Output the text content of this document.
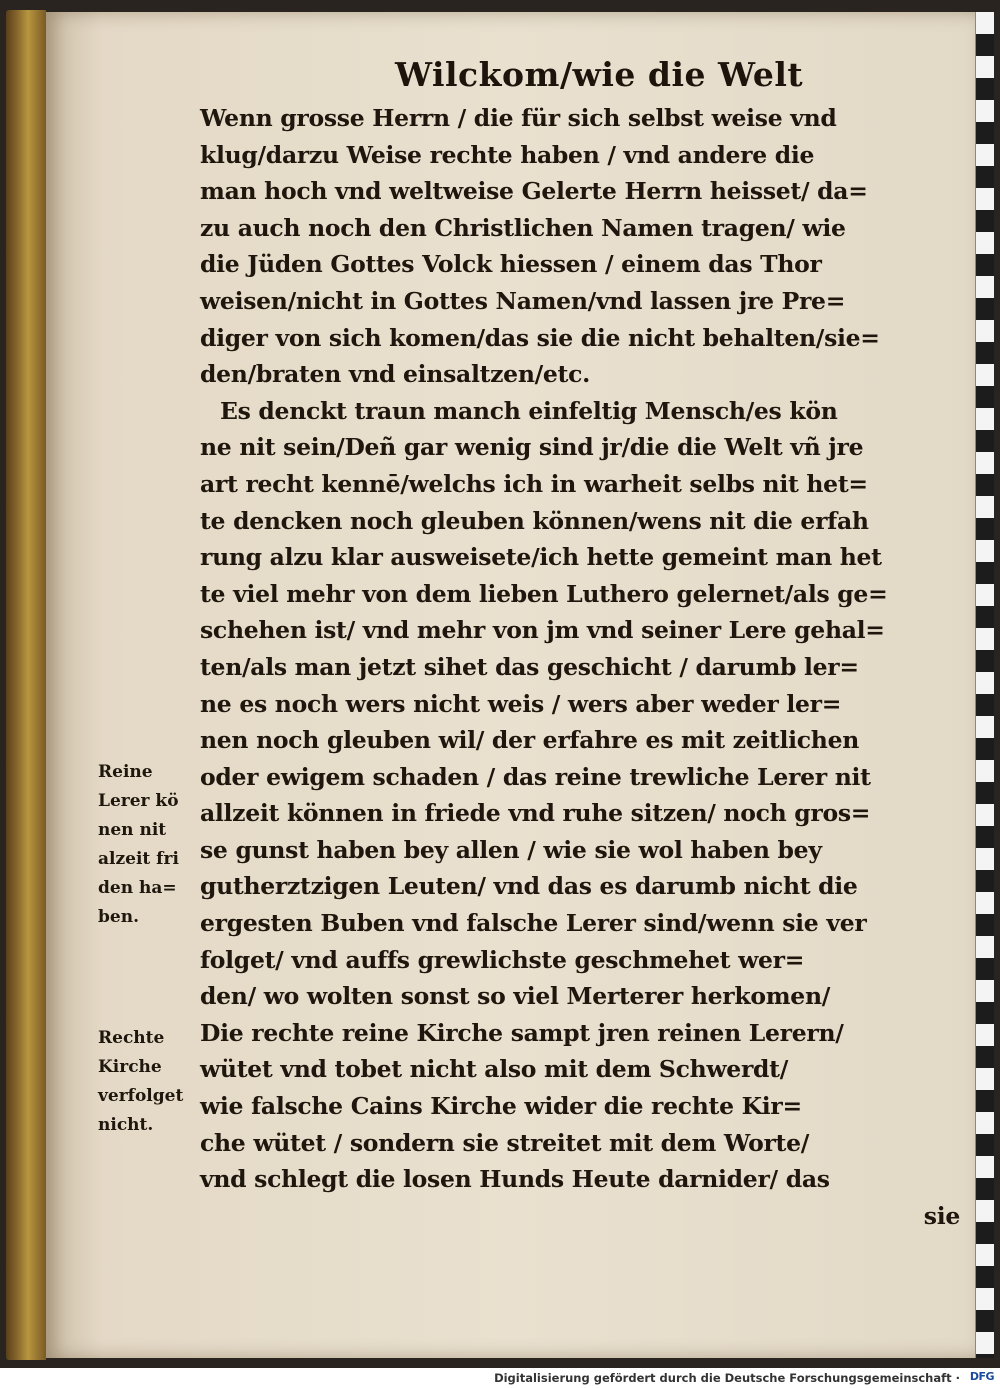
Wilckom/wie die Welt
Wenn grosse Herrn / die für sich selbst weise vnd
klug/darzu Weise rechte haben / vnd andere die
man hoch vnd weltweise Gelerte Herrn heisset/ da=
zu auch noch den Christlichen Namen tragen/ wie
die Jüden Gottes Volck hiessen / einem das Thor
weisen/nicht in Gottes Namen/vnd lassen jre Pre=
diger von sich komen/das sie die nicht behalten/sie=
den/braten vnd einsaltzen/etc.
Es denckt traun manch einfeltig Mensch/es kön
ne nit sein/Deñ gar wenig sind jr/die die Welt vñ jre
art recht kennē/welchs ich in warheit selbs nit het=
te dencken noch gleuben können/wens nit die erfah
rung alzu klar ausweisete/ich hette gemeint man het
te viel mehr von dem lieben Luthero gelernet/als ge=
schehen ist/ vnd mehr von jm vnd seiner Lere gehal=
ten/als man jetzt sihet das geschicht / darumb ler=
ne es noch wers nicht weis / wers aber weder ler=
nen noch gleuben wil/ der erfahre es mit zeitlichen
oder ewigem schaden / das reine trewliche Lerer nit
allzeit können in friede vnd ruhe sitzen/ noch gros=
se gunst haben bey allen / wie sie wol haben bey
gutherztzigen Leuten/ vnd das es darumb nicht die
ergesten Buben vnd falsche Lerer sind/wenn sie ver
folget/ vnd auffs grewlichste geschmehet wer=
den/ wo wolten sonst so viel Merterer herkomen/
Die rechte reine Kirche sampt jren reinen Lerern/
wütet vnd tobet nicht also mit dem Schwerdt/
wie falsche Cains Kirche wider die rechte Kir=
che wütet / sondern sie streitet mit dem Worte/
vnd schlegt die losen Hunds Heute darnider/ das
sie
Reine
Lerer kö
nen nit
alzeit fri
den ha=
ben.
Rechte
Kirche
verfolget
nicht.
Digitalisierung gefördert durch die Deutsche Forschungsgemeinschaft · DFG
